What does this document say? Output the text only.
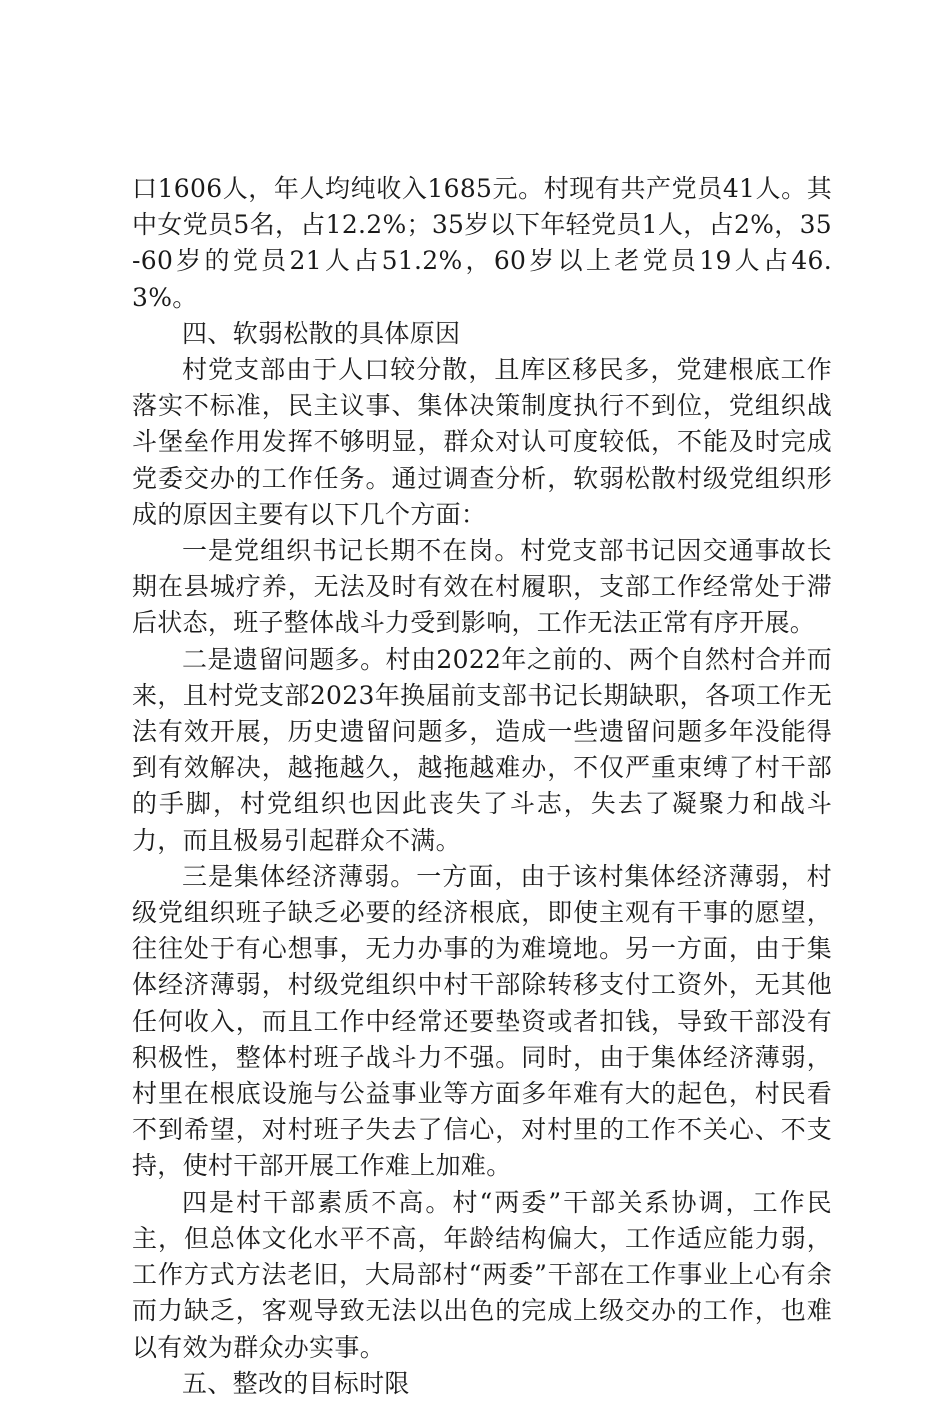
口1606人，年人均纯收入1685元。村现有共产党员41人。其中女党员5名，占12.2%；35岁以下年轻党员1人，占2%，35-60岁的党员21人占51.2%，60岁以上老党员19人占46.3%。

四、软弱松散的具体原因

村党支部由于人口较分散，且库区移民多，党建根底工作落实不标准，民主议事、集体决策制度执行不到位，党组织战斗堡垒作用发挥不够明显，群众对认可度较低，不能及时完成党委交办的工作任务。通过调查分析，软弱松散村级党组织形成的原因主要有以下几个方面：

一是党组织书记长期不在岗。村党支部书记因交通事故长期在县城疗养，无法及时有效在村履职，支部工作经常处于滞后状态，班子整体战斗力受到影响，工作无法正常有序开展。

二是遗留问题多。村由2022年之前的、两个自然村合并而来，且村党支部2023年换届前支部书记长期缺职，各项工作无法有效开展，历史遗留问题多，造成一些遗留问题多年没能得到有效解决，越拖越久，越拖越难办，不仅严重束缚了村干部的手脚，村党组织也因此丧失了斗志，失去了凝聚力和战斗力，而且极易引起群众不满。

三是集体经济薄弱。一方面，由于该村集体经济薄弱，村级党组织班子缺乏必要的经济根底，即使主观有干事的愿望，往往处于有心想事，无力办事的为难境地。另一方面，由于集体经济薄弱，村级党组织中村干部除转移支付工资外，无其他任何收入，而且工作中经常还要垫资或者扣钱，导致干部没有积极性，整体村班子战斗力不强。同时，由于集体经济薄弱，村里在根底设施与公益事业等方面多年难有大的起色，村民看不到希望，对村班子失去了信心，对村里的工作不关心、不支持，使村干部开展工作难上加难。

四是村干部素质不高。村“两委”干部关系协调，工作民主，但总体文化水平不高，年龄结构偏大，工作适应能力弱，工作方式方法老旧，大局部村“两委”干部在工作事业上心有余而力缺乏，客观导致无法以出色的完成上级交办的工作，也难以有效为群众办实事。

五、整改的目标时限
